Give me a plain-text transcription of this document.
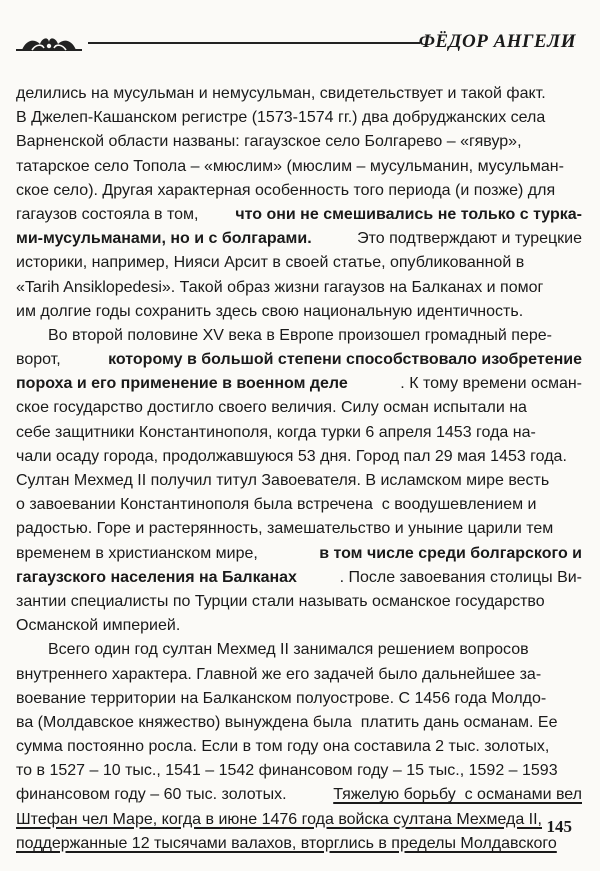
ФЁДОР АНГЕЛИ
делились на мусульман и немусульман, свидетельствует и такой факт.
В Джелеп-Кашанском регистре (1573-1574 гг.) два добруджанских села
Варненской области названы: гагаузское село Болгарево – «гявур»,
татарское село Топола – «мюслим» (мюслим – мусульманин, мусульман-
ское село). Другая характерная особенность того периода (и позже) для
гагаузов состояла в том, что они не смешивались не только с турка-
ми-мусульманами, но и с болгарами.	Это подтверждают и турецкие
историки, например, Нияси Арсит в своей статье, опубликованной в
«Tarih Ansiklopedesi». Такой образ жизни гагаузов на Балканах и помог
им долгие годы сохранить здесь свою национальную идентичность.
Во второй половине XV века в Европе произошел громадный пере-
ворот,	которому в большой степени способствовало изобретение
пороха и его применение в военном деле	. К тому времени осман-
ское государство достигло своего величия. Силу осман испытали на
себе защитники Константинополя, когда турки 6 апреля 1453 года на-
чали осаду города, продолжавшуюся 53 дня. Город пал 29 мая 1453 года.
Султан Мехмед II получил титул Завоевателя. В исламском мире весть
о завоевании Константинополя была встречена  с воодушевлением и
радостью. Горе и растерянность, замешательство и уныние царили тем
временем в христианском мире,	в том числе среди болгарского и
гагаузского населения на Балканах	. После завоевания столицы Ви-
зантии специалисты по Турции стали называть османское государство
Османской империей.
Всего один год султан Мехмед II занимался решением вопросов
внутреннего характера. Главной же его задачей было дальнейшее за-
воевание территории на Балканском полуострове. С 1456 года Молдо-
ва (Молдавское княжество) вынуждена была  платить дань османам. Ее
сумма постоянно росла. Если в том году она составила 2 тыс. золотых,
то в 1527 – 10 тыс., 1541 – 1542 финансовом году – 15 тыс., 1592 – 1593
финансовом году – 60 тыс. золотых.	Тяжелую борьбу  с османами вел
Штефан чел Маре, когда в июне 1476 года войска султана Мехмеда II,
поддержанные 12 тысячами валахов, вторглись в пределы Молдавского
145
